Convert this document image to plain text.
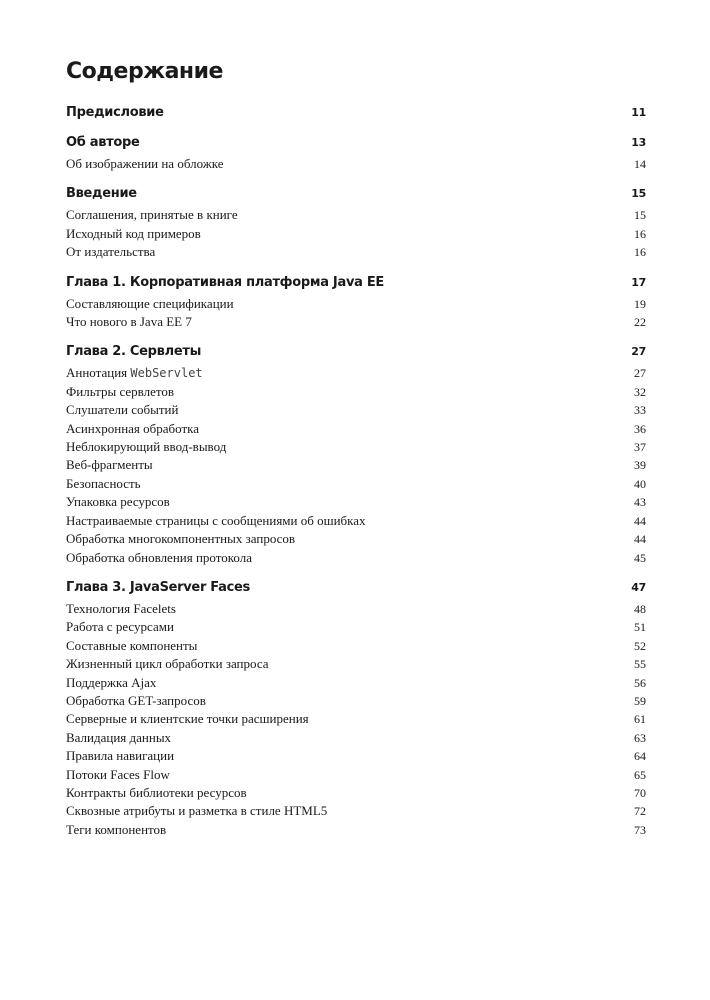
Содержание
Предисловие	11
Об авторе	13
Об изображении на обложке	14
Введение	15
Соглашения, принятые в книге	15
Исходный код примеров	16
От издательства	16
Глава 1. Корпоративная платформа Java EE	17
Составляющие спецификации	19
Что нового в Java EE 7	22
Глава 2. Сервлеты	27
Аннотация WebServlet	27
Фильтры сервлетов	32
Слушатели событий	33
Асинхронная обработка	36
Неблокирующий ввод-вывод	37
Веб-фрагменты	39
Безопасность	40
Упаковка ресурсов	43
Настраиваемые страницы с сообщениями об ошибках	44
Обработка многокомпонентных запросов	44
Обработка обновления протокола	45
Глава 3. JavaServer Faces	47
Технология Facelets	48
Работа с ресурсами	51
Составные компоненты	52
Жизненный цикл обработки запроса	55
Поддержка Ajax	56
Обработка GET-запросов	59
Серверные и клиентские точки расширения	61
Валидация данных	63
Правила навигации	64
Потоки Faces Flow	65
Контракты библиотеки ресурсов	70
Сквозные атрибуты и разметка в стиле HTML5	72
Теги компонентов	73
